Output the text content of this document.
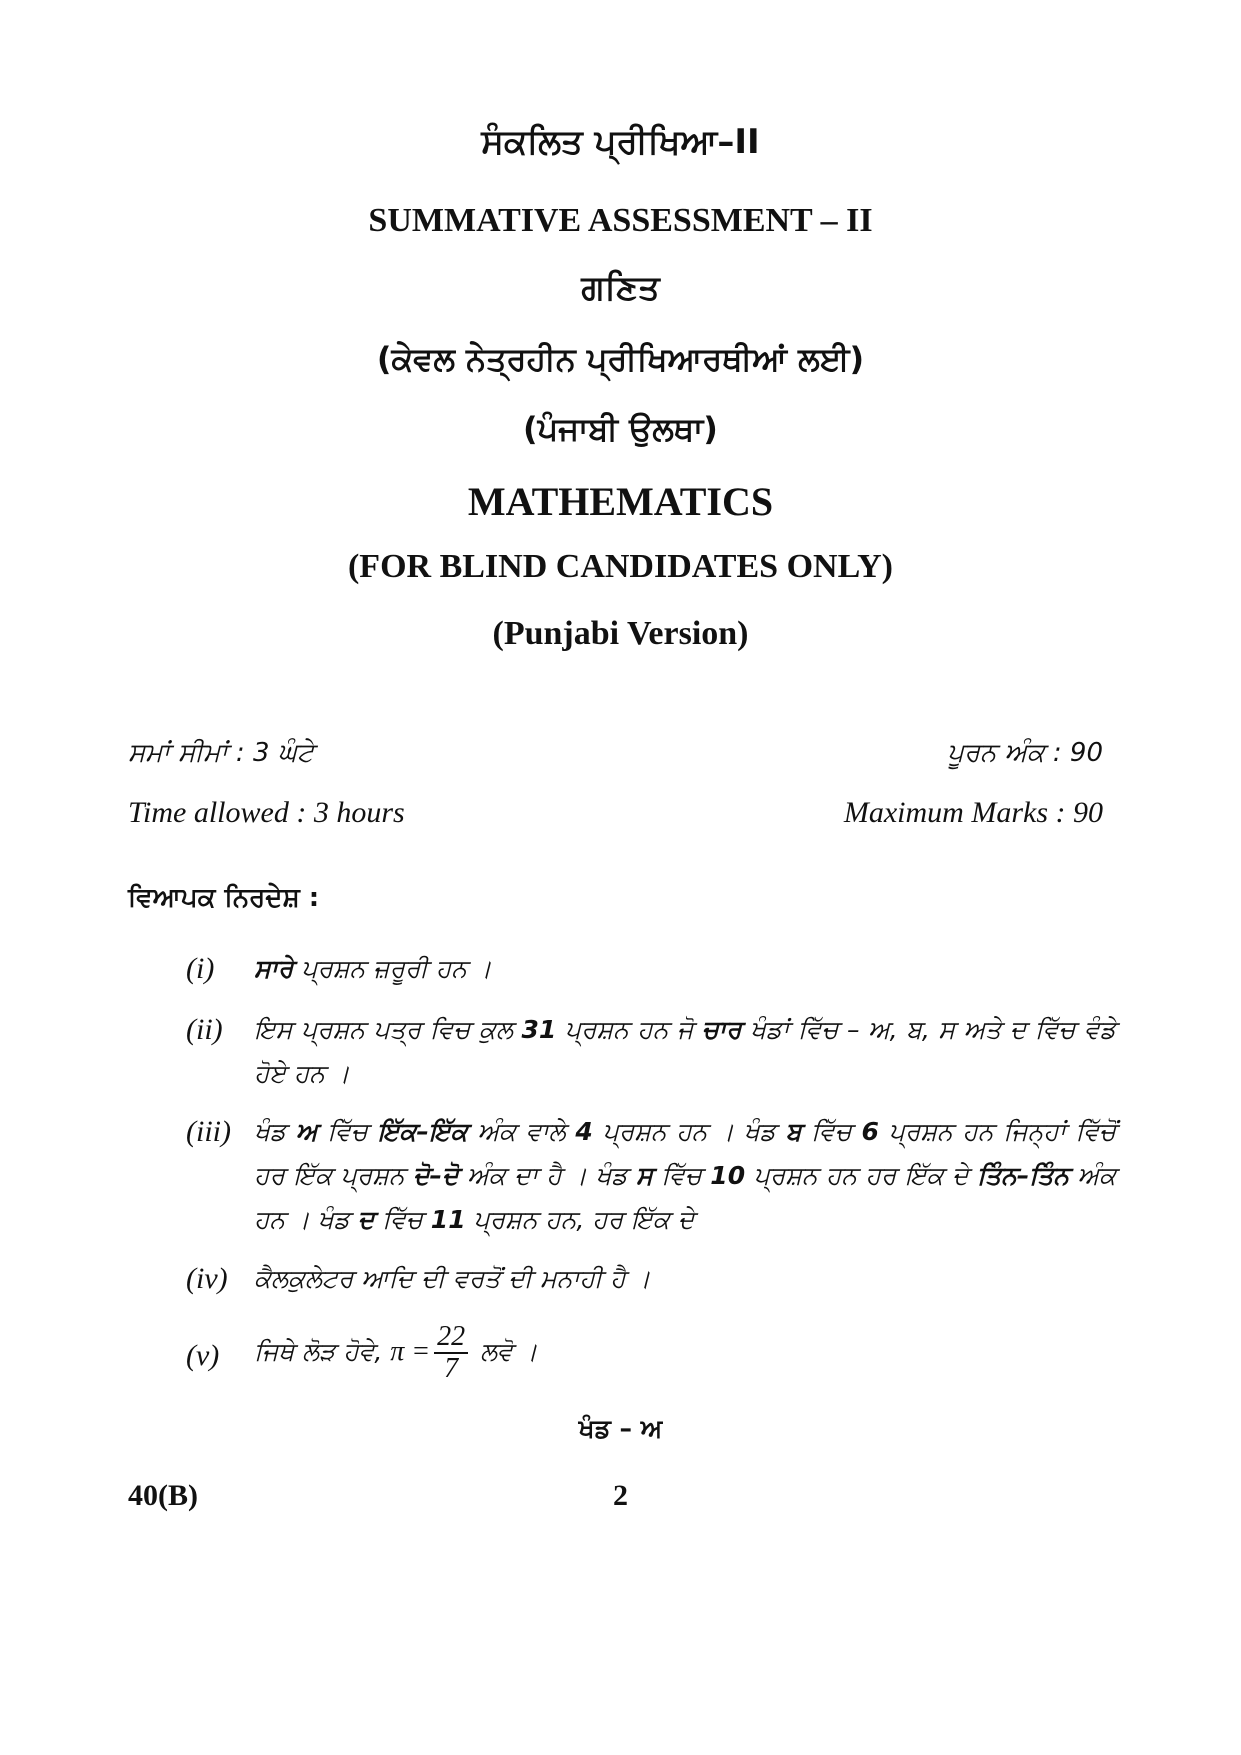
ਸੰਕਲਿਤ ਪ੍ਰੀਖਿਆ–II
SUMMATIVE ASSESSMENT – II
ਗਣਿਤ
(ਕੇਵਲ ਨੇਤ੍ਰਹੀਨ ਪ੍ਰੀਖਿਆਰਥੀਆਂ ਲਈ)
(ਪੰਜਾਬੀ ਉਲਥਾ)
MATHEMATICS
(FOR BLIND CANDIDATES ONLY)
(Punjabi Version)
ਸਮਾਂ ਸੀਮਾਂ : 3 ਘੰਟੇ	ਪੂਰਨ ਅੰਕ : 90
Time allowed : 3 hours	Maximum Marks : 90
ਵਿਆਪਕ ਨਿਰਦੇਸ਼ :
(i) ਸਾਰੇ ਪ੍ਰਸ਼ਨ ਜ਼ਰੂਰੀ ਹਨ ।
(ii) ਇਸ ਪ੍ਰਸ਼ਨ ਪਤ੍ਰ ਵਿਚ ਕੁਲ 31 ਪ੍ਰਸ਼ਨ ਹਨ ਜੋ ਚਾਰ ਖੰਡਾਂ ਵਿੱਚ – ਅ, ਬ, ਸ ਅਤੇ ਦ ਵਿੱਚ ਵੰਡੇ ਹੋਏ ਹਨ ।
(iii) ਖੰਡ ਅ ਵਿੱਚ ਇੱਕ–ਇੱਕ ਅੰਕ ਵਾਲੇ 4 ਪ੍ਰਸ਼ਨ ਹਨ । ਖੰਡ ਬ ਵਿੱਚ 6 ਪ੍ਰਸ਼ਨ ਹਨ ਜਿਨ੍ਹਾਂ ਵਿੱਚੋਂ ਹਰ ਇੱਕ ਪ੍ਰਸ਼ਨ ਦੋ–ਦੋ ਅੰਕ ਦਾ ਹੈ । ਖੰਡ ਸ ਵਿੱਚ 10 ਪ੍ਰਸ਼ਨ ਹਨ ਹਰ ਇੱਕ ਦੇ ਤਿੰਨ–ਤਿੰਨ ਅੰਕ ਹਨ । ਖੰਡ ਦ ਵਿੱਚ 11 ਪ੍ਰਸ਼ਨ ਹਨ, ਹਰ ਇੱਕ ਦੇ
(iv) ਕੈਲਕੁਲੇਟਰ ਆਦਿ ਦੀ ਵਰਤੋਂ ਦੀ ਮਨਾਹੀ ਹੈ ।
(v) ਜਿਥੇ ਲੋੜ ਹੋਵੇ, $\pi = \frac{22}{7}$ ਲਵੋ ।
ਖੰਡ – ਅ
40(B)	2
